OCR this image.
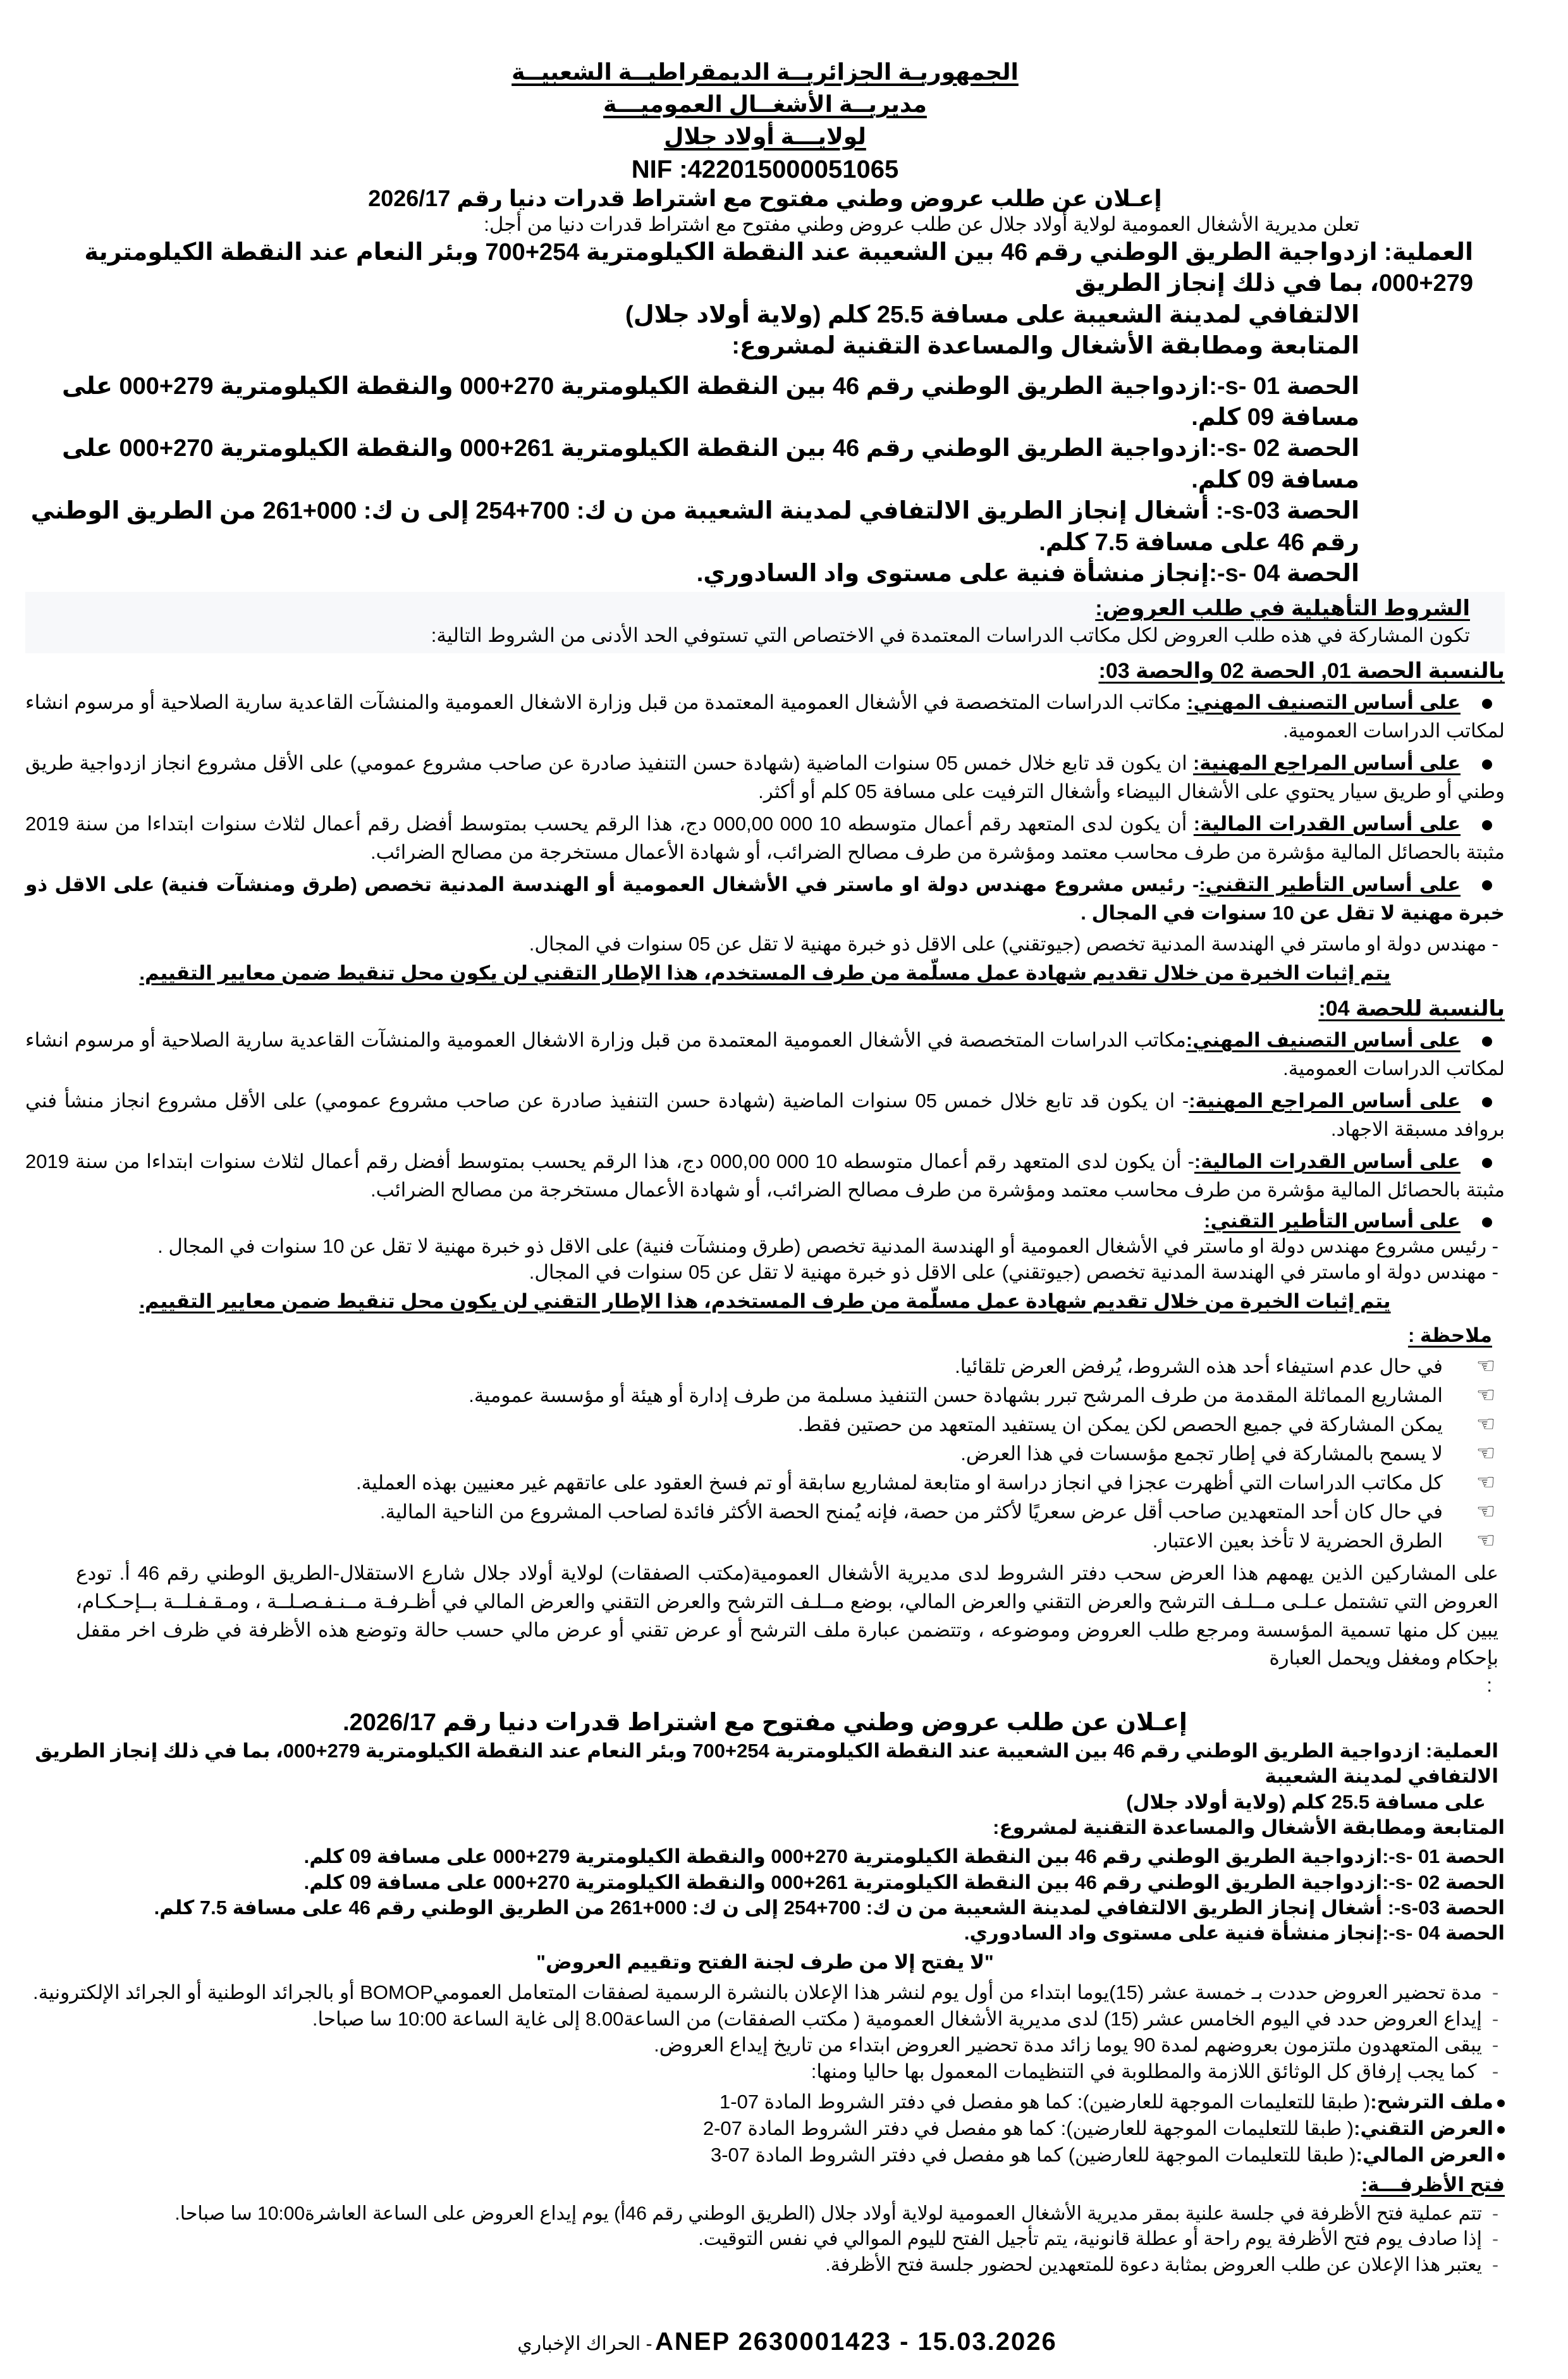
الجمهوريـة الجزائريــة الديمقراطيــة الشعبيــة
مديريــة الأشغــال العموميـــة
لولايـــة أولاد جلال
NIF :422015000051065
إعـلان عن طلب عروض وطني مفتوح مع اشتراط قدرات دنيا رقم 2026/17
تعلن مديرية الأشغال العمومية لولاية أولاد جلال عن طلب عروض وطني مفتوح مع اشتراط قدرات دنيا من أجل:
العملية: ازدواجية الطريق الوطني رقم 46 بين الشعيبة عند النقطة الكيلومترية 254+700 وبئر النعام عند النقطة الكيلومترية 279+000، بما في ذلك إنجاز الطريق
الالتفافي لمدينة الشعيبة على مسافة 25.5 كلم (ولاية أولاد جلال)
المتابعة ومطابقة الأشغال والمساعدة التقنية لمشروع:
الحصة 01 -s-:ازدواجية الطريق الوطني رقم 46 بين النقطة الكيلومترية 270+000 والنقطة الكيلومترية 279+000 على مسافة 09 كلم.
الحصة 02 -s-:ازدواجية الطريق الوطني رقم 46 بين النقطة الكيلومترية 261+000 والنقطة الكيلومترية 270+000 على مسافة 09 كلم.
الحصة 03-s-: أشغال إنجاز الطريق الالتفافي لمدينة الشعيبة من ن ك: 700+254 إلى ن ك: 000+261 من الطريق الوطني رقم 46 على مسافة 7.5 كلم.
الحصة 04 -s-:إنجاز منشأة فنية على مستوى واد السادوري.
الشروط التأهيلية في طلب العروض:
تكون المشاركة في هذه طلب العروض لكل مكاتب الدراسات المعتمدة في الاختصاص التي تستوفي الحد الأدنى من الشروط التالية:
بالنسبة الحصة 01, الحصة 02 والحصة 03:
على أساس التصنيف المهني: مكاتب الدراسات المتخصصة في الأشغال العمومية المعتمدة من قبل وزارة الاشغال العمومية والمنشآت القاعدية سارية الصلاحية أو مرسوم انشاء لمكاتب الدراسات العمومية.
على أساس المراجع المهنية: ان يكون قد تابع خلال خمس 05 سنوات الماضية (شهادة حسن التنفيذ صادرة عن صاحب مشروع عمومي) على الأقل مشروع انجاز ازدواجية طريق وطني أو طريق سيار يحتوي على الأشغال البيضاء وأشغال الترفيت على مسافة 05 كلم أو أكثر.
على أساس القدرات المالية: أن يكون لدى المتعهد رقم أعمال متوسطه 10 000 000,00 دج، هذا الرقم يحسب بمتوسط أفضل رقم أعمال لثلاث سنوات ابتداءا من سنة 2019 مثبتة بالحصائل المالية مؤشرة من طرف محاسب معتمد ومؤشرة من طرف مصالح الضرائب، أو شهادة الأعمال مستخرجة من مصالح الضرائب.
على أساس التأطير التقني:- رئيس مشروع مهندس دولة او ماستر في الأشغال العمومية أو الهندسة المدنية تخصص (طرق ومنشآت فنية) على الاقل ذو خبرة مهنية لا تقل عن 10 سنوات في المجال .
- مهندس دولة او ماستر في الهندسة المدنية تخصص (جيوتقني) على الاقل ذو خبرة مهنية لا تقل عن 05 سنوات في المجال.
يتم إثبات الخبرة من خلال تقديم شهادة عمل مسلّمة من طرف المستخدم، هذا الإطار التقني لن يكون محل تنقيط ضمن معايير التقييم.
بالنسبة للحصة 04:
على أساس التصنيف المهني:مكاتب الدراسات المتخصصة في الأشغال العمومية المعتمدة من قبل وزارة الاشغال العمومية والمنشآت القاعدية سارية الصلاحية أو مرسوم انشاء لمكاتب الدراسات العمومية.
على أساس المراجع المهنية:- ان يكون قد تابع خلال خمس 05 سنوات الماضية (شهادة حسن التنفيذ صادرة عن صاحب مشروع عمومي) على الأقل مشروع انجاز منشأ فني بروافد مسبقة الاجهاد.
على أساس القدرات المالية:- أن يكون لدى المتعهد رقم أعمال متوسطه 10 000 000,00 دج، هذا الرقم يحسب بمتوسط أفضل رقم أعمال لثلاث سنوات ابتداءا من سنة 2019 مثبتة بالحصائل المالية مؤشرة من طرف محاسب معتمد ومؤشرة من طرف مصالح الضرائب، أو شهادة الأعمال مستخرجة من مصالح الضرائب.
على أساس التأطير التقني:
- رئيس مشروع مهندس دولة او ماستر في الأشغال العمومية أو الهندسة المدنية تخصص (طرق ومنشآت فنية) على الاقل ذو خبرة مهنية لا تقل عن 10 سنوات في المجال .
- مهندس دولة او ماستر في الهندسة المدنية تخصص (جيوتقني) على الاقل ذو خبرة مهنية لا تقل عن 05 سنوات في المجال.
يتم إثبات الخبرة من خلال تقديم شهادة عمل مسلّمة من طرف المستخدم، هذا الإطار التقني لن يكون محل تنقيط ضمن معايير التقييم.
ملاحظة :
☜في حال عدم استيفاء أحد هذه الشروط، يُرفض العرض تلقائيا.
☜المشاريع المماثلة المقدمة من طرف المرشح تبرر بشهادة حسن التنفيذ مسلمة من طرف إدارة أو هيئة أو مؤسسة عمومية.
☜يمكن المشاركة في جميع الحصص لكن يمكن ان يستفيد المتعهد من حصتين فقط.
☜لا يسمح بالمشاركة في إطار تجمع مؤسسات في هذا العرض.
☜كل مكاتب الدراسات التي أظهرت عجزا في انجاز دراسة او متابعة لمشاريع سابقة أو تم فسخ العقود على عاتقهم غير معنيين بهذه العملية.
☜في حال كان أحد المتعهدين صاحب أقل عرض سعريًا لأكثر من حصة، فإنه يُمنح الحصة الأكثر فائدة لصاحب المشروع من الناحية المالية.
☜الطرق الحضرية لا تأخذ بعين الاعتبار.
على المشاركين الذين يهمهم هذا العرض سحب دفتر الشروط لدى مديرية الأشغال العمومية(مكتب الصفقات) لولاية أولاد جلال شارع الاستقلال-الطريق الوطني رقم 46 أ. تودع العروض التي تشتمل عـلـى مــلـف الترشح والعرض التقني والعرض المالي، بوضع مــلـف الترشح والعرض التقني والعرض المالي في أظـرفـة مــنـفـصـلــة ، ومـقـفـلــة بــإحـكـام، يبين كل منها تسمية المؤسسة ومرجع طلب العروض وموضوعه ، وتتضمن عبارة ملف الترشح أو عرض تقني أو عرض مالي حسب حالة وتوضع هذه الأظرفة في ظرف اخر مقفل بإحكام ومغفل ويحمل العبارة
:
إعـلان عن طلب عروض وطني مفتوح مع اشتراط قدرات دنيا رقم 2026/17.
العملية: ازدواجية الطريق الوطني رقم 46 بين الشعيبة عند النقطة الكيلومترية 254+700 وبئر النعام عند النقطة الكيلومترية 279+000، بما في ذلك إنجاز الطريق الالتفافي لمدينة الشعيبة
على مسافة 25.5 كلم (ولاية أولاد جلال)
المتابعة ومطابقة الأشغال والمساعدة التقنية لمشروع:
الحصة 01 -s-:ازدواجية الطريق الوطني رقم 46 بين النقطة الكيلومترية 270+000 والنقطة الكيلومترية 279+000 على مسافة 09 كلم.
الحصة 02 -s-:ازدواجية الطريق الوطني رقم 46 بين النقطة الكيلومترية 261+000 والنقطة الكيلومترية 270+000 على مسافة 09 كلم.
الحصة 03-s-: أشغال إنجاز الطريق الالتفافي لمدينة الشعيبة من ن ك: 700+254 إلى ن ك: 000+261 من الطريق الوطني رقم 46 على مسافة 7.5 كلم.
الحصة 04 -s-:إنجاز منشأة فنية على مستوى واد السادوري.
"لا يفتح إلا من طرف لجنة الفتح وتقييم العروض"
-مدة تحضير العروض حددت بـ خمسة عشر (15)يوما ابتداء من أول يوم لنشر هذا الإعلان بالنشرة الرسمية لصفقات المتعامل العموميBOMOP أو بالجرائد الوطنية أو الجرائد الإلكترونية.
-إيداع العروض حدد في اليوم الخامس عشر (15) لدى مديرية الأشغال العمومية ( مكتب الصفقات) من الساعة8.00 إلى غاية الساعة 10:00 سا صباحا.
-يبقى المتعهدون ملتزمون بعروضهم لمدة 90 يوما زائد مدة تحضير العروض ابتداء من تاريخ إيداع العروض.
- كما يجب إرفاق كل الوثائق اللازمة والمطلوبة في التنظيمات المعمول بها حاليا ومنها:
ملف الترشح:( طبقا للتعليمات الموجهة للعارضين): كما هو مفصل في دفتر الشروط المادة 07-1
العرض التقني:( طبقا للتعليمات الموجهة للعارضين): كما هو مفصل في دفتر الشروط المادة 07-2
العرض المالي:( طبقا للتعليمات الموجهة للعارضين) كما هو مفصل في دفتر الشروط المادة 07-3
فتح الأظرفـــة:
-تتم عملية فتح الأظرفة في جلسة علنية بمقر مديرية الأشغال العمومية لولاية أولاد جلال (الطريق الوطني رقم 46أ) يوم إيداع العروض على الساعة العاشرة10:00 سا صباحا.
-إذا صادف يوم فتح الأظرفة يوم راحة أو عطلة قانونية، يتم تأجيل الفتح لليوم الموالي في نفس التوقيت.
-يعتبر هذا الإعلان عن طلب العروض بمثابة دعوة للمتعهدين لحضور جلسة فتح الأظرفة.
- الحراك الإخباري ANEP 2630001423 - 15.03.2026
